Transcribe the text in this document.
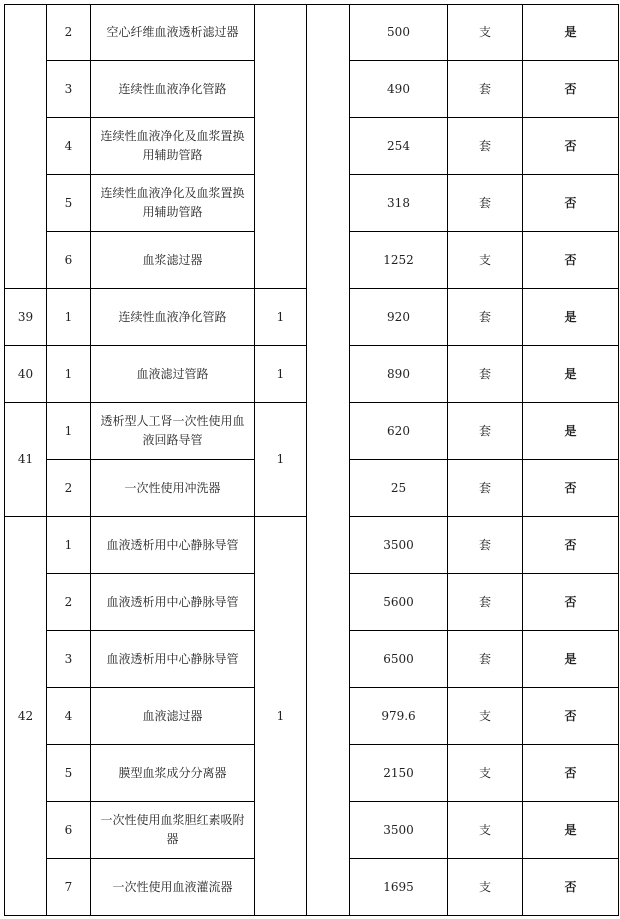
	2	空心纤维血液透析滤过器			500	支	是
	3	连续性血液净化管路			490	套	否
	4	连续性血液净化及血浆置换用辅助管路			254	套	否
	5	连续性血液净化及血浆置换用辅助管路			318	套	否
	6	血浆滤过器			1252	支	否
39	1	连续性血液净化管路	1		920	套	是
40	1	血液滤过管路	1		890	套	是
41	1	透析型人工肾一次性使用血液回路导管	1		620	套	是
	2	一次性使用冲洗器			25	套	否
42	1	血液透析用中心静脉导管	1		3500	套	否
	2	血液透析用中心静脉导管			5600	套	否
	3	血液透析用中心静脉导管			6500	套	是
	4	血液滤过器			979.6	支	否
	5	膜型血浆成分分离器			2150	支	否
	6	一次性使用血浆胆红素吸附器			3500	支	是
	7	一次性使用血液灌流器			1695	支	否
